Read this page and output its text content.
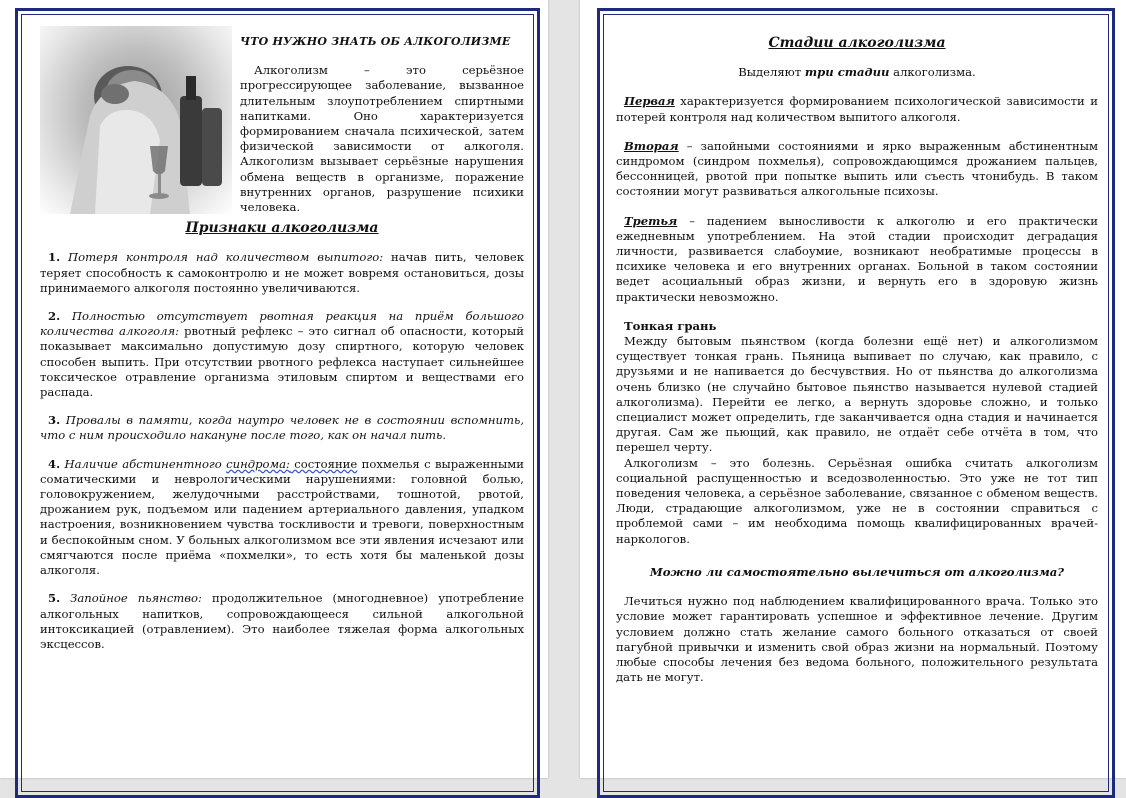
ЧТО НУЖНО ЗНАТЬ ОБ АЛКОГОЛИЗМЕ

Алкоголизм – это серьёзное прогрессирующее заболевание, вызванное длительным злоупотреблением спиртными напитками. Оно характеризуется формированием сначала психической, затем физической зависимости от алкоголя. Алкоголизм вызывает серьёзные нарушения обмена веществ в организме, поражение внутренних органов, разрушение психики человека.

Признаки алкоголизма

1. Потеря контроля над количеством выпитого: начав пить, человек теряет способность к самоконтролю и не может вовремя остановиться, дозы принимаемого алкоголя постоянно увеличиваются.

2. Полностью отсутствует рвотная реакция на приём большого количества алкоголя: рвотный рефлекс – это сигнал об опасности, который показывает максимально допустимую дозу спиртного, которую человек способен выпить. При отсутствии рвотного рефлекса наступает сильнейшее токсическое отравление организма этиловым спиртом и веществами его распада.

3. Провалы в памяти, когда наутро человек не в состоянии вспомнить, что с ним происходило накануне после того, как он начал пить.

4. Наличие абстинентного синдрома: состояние похмелья с выраженными соматическими и неврологическими нарушениями: головной болью, головокружением, желудочными расстройствами, тошнотой, рвотой, дрожанием рук, подъемом или падением артериального давления, упадком настроения, возникновением чувства тоскливости и тревоги, поверхностным и беспокойным сном. У больных алкоголизмом все эти явления исчезают или смягчаются после приёма «похмелки», то есть хотя бы маленькой дозы алкоголя.

5. Запойное пьянство: продолжительное (многодневное) употребление алкогольных напитков, сопровождающееся сильной алкогольной интоксикацией (отравлением). Это наиболее тяжелая форма алкогольных эксцессов.

Стадии алкоголизма

Выделяют три стадии алкоголизма.

Первая характеризуется формированием психологической зависимости и потерей контроля над количеством выпитого алкоголя.

Вторая – запойными состояниями и ярко выраженным абстинентным синдромом (синдром похмелья), сопровождающимся дрожанием пальцев, бессонницей, рвотой при попытке выпить или съесть чтонибудь. В таком состоянии могут развиваться алкогольные психозы.

Третья – падением выносливости к алкоголю и его практически ежедневным употреблением. На этой стадии происходит деградация личности, развивается слабоумие, возникают необратимые процессы в психике человека и его внутренних органах. Больной в таком состоянии ведет асоциальный образ жизни, и вернуть его в здоровую жизнь практически невозможно.

Тонкая грань

Между бытовым пьянством (когда болезни ещё нет) и алкоголизмом существует тонкая грань. Пьяница выпивает по случаю, как правило, с друзьями и не напивается до бесчувствия. Но от пьянства до алкоголизма очень близко (не случайно бытовое пьянство называется нулевой стадией алкоголизма). Перейти ее легко, а вернуть здоровье сложно, и только специалист может определить, где заканчивается одна стадия и начинается другая. Сам же пьющий, как правило, не отдаёт себе отчёта в том, что перешел черту.

Алкоголизм – это болезнь. Серьёзная ошибка считать алкоголизм социальной распущенностью и вседозволенностью. Это уже не тот тип поведения человека, а серьёзное заболевание, связанное с обменом веществ. Люди, страдающие алкоголизмом, уже не в состоянии справиться с проблемой сами – им необходима помощь квалифицированных врачей-наркологов.

Можно ли самостоятельно вылечиться от алкоголизма?

Лечиться нужно под наблюдением квалифицированного врача. Только это условие может гарантировать успешное и эффективное лечение. Другим условием должно стать желание самого больного отказаться от своей пагубной привычки и изменить свой образ жизни на нормальный. Поэтому любые способы лечения без ведома больного, положительного результата дать не могут.
